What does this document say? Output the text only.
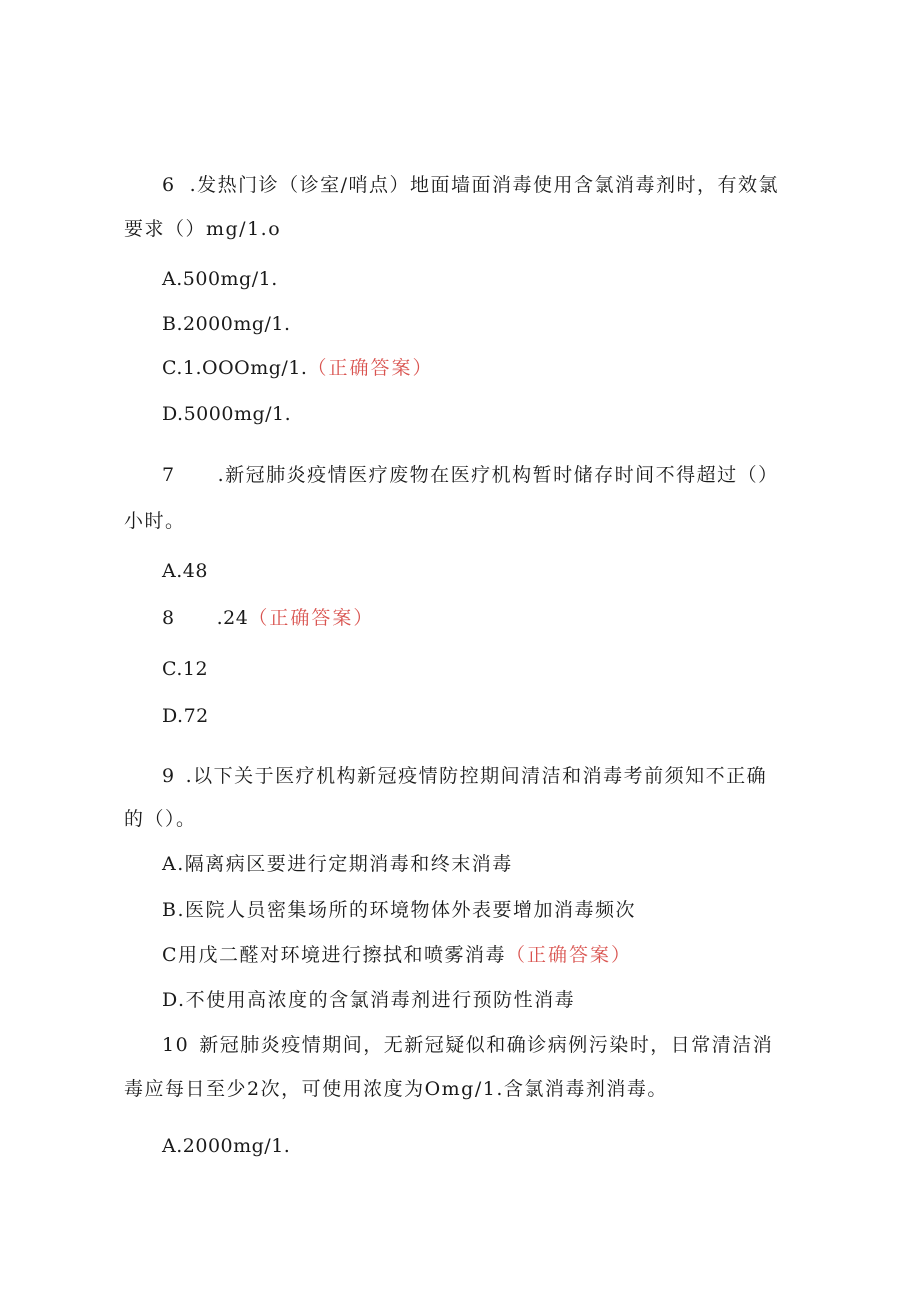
6 .发热门诊（诊室/哨点）地面墙面消毒使用含氯消毒剂时，有效氯
要求（）mg/1.o
A.500mg/1.
B.2000mg/1.
C.1.OOOmg/1.（正确答案）
D.5000mg/1.
7 .新冠肺炎疫情医疗废物在医疗机构暂时储存时间不得超过（）
小时。
A.48
8 .24（正确答案）
C.12
D.72
9 .以下关于医疗机构新冠疫情防控期间清洁和消毒考前须知不正确
的（）。
A.隔离病区要进行定期消毒和终末消毒
B.医院人员密集场所的环境物体外表要增加消毒频次
C用戊二醛对环境进行擦拭和喷雾消毒（正确答案）
D.不使用高浓度的含氯消毒剂进行预防性消毒
10 新冠肺炎疫情期间，无新冠疑似和确诊病例污染时，日常清洁消
毒应每日至少2次，可使用浓度为Omg/1.含氯消毒剂消毒。
A.2000mg/1.
